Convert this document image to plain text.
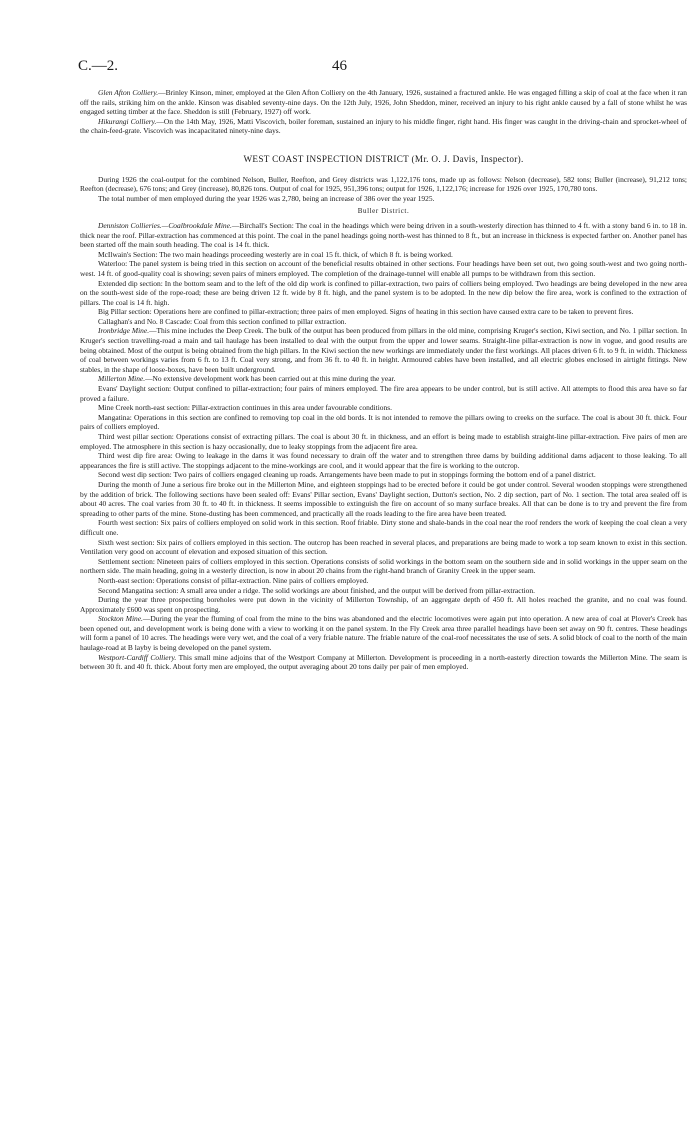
C.—2.	46

Glen Afton Colliery.—Brinley Kinson, miner, employed at the Glen Afton Colliery on the 4th January, 1926, sustained a fractured ankle. He was engaged filling a skip of coal at the face when it ran off the rails, striking him on the ankle. Kinson was disabled seventy-nine days. On the 12th July, 1926, John Sheddon, miner, received an injury to his right ankle caused by a fall of stone whilst he was engaged setting timber at the face. Sheddon is still (February, 1927) off work.

Hikurangi Colliery.—On the 14th May, 1926, Matti Viscovich, boiler foreman, sustained an injury to his middle finger, right hand. His finger was caught in the driving-chain and sprocket-wheel of the chain-feed-grate. Viscovich was incapacitated ninety-nine days.

WEST COAST INSPECTION DISTRICT (Mr. O. J. Davis, Inspector).

During 1926 the coal-output for the combined Nelson, Buller, Reefton, and Grey districts was 1,122,176 tons, made up as follows: Nelson (decrease), 582 tons; Buller (increase), 91,212 tons; Reefton (decrease), 676 tons; and Grey (increase), 80,826 tons. Output of coal for 1925, 951,396 tons; output for 1926, 1,122,176; increase for 1926 over 1925, 170,780 tons.

The total number of men employed during the year 1926 was 2,780, being an increase of 386 over the year 1925.

Buller District.

Denniston Collieries.—Coalbrookdale Mine.—Birchall's Section: The coal in the headings which were being driven in a south-westerly direction has thinned to 4 ft. with a stony band 6 in. to 18 in. thick near the roof. Pillar-extraction has commenced at this point. The coal in the panel headings going north-west has thinned to 8 ft., but an increase in thickness is expected farther on. Another panel has been started off the main south heading. The coal is 14 ft. thick.

McIlwain's Section: The two main headings proceeding westerly are in coal 15 ft. thick, of which 8 ft. is being worked.

Waterloo: The panel system is being tried in this section on account of the beneficial results obtained in other sections. Four headings have been set out, two going south-west and two going north-west. 14 ft. of good-quality coal is showing; seven pairs of miners employed. The completion of the drainage-tunnel will enable all pumps to be withdrawn from this section.

Extended dip section: In the bottom seam and to the left of the old dip work is confined to pillar-extraction, two pairs of colliers being employed. Two headings are being developed in the new area on the south-west side of the rope-road; these are being driven 12 ft. wide by 8 ft. high, and the panel system is to be adopted. In the new dip below the fire area, work is confined to the extraction of pillars. The coal is 14 ft. high.

Big Pillar section: Operations here are confined to pillar-extraction; three pairs of men employed. Signs of heating in this section have caused extra care to be taken to prevent fires.

Callaghan's and No. 8 Cascade: Coal from this section confined to pillar extraction.

Ironbridge Mine.—This mine includes the Deep Creek. The bulk of the output has been produced from pillars in the old mine, comprising Kruger's section, Kiwi section, and No. 1 pillar section. In Kruger's section travelling-road a main and tail haulage has been installed to deal with the output from the upper and lower seams. Straight-line pillar-extraction is now in vogue, and good results are being obtained. Most of the output is being obtained from the high pillars. In the Kiwi section the new workings are immediately under the first workings. All places driven 6 ft. to 9 ft. in width. Thickness of coal between workings varies from 6 ft. to 13 ft. Coal very strong, and from 36 ft. to 40 ft. in height. Armoured cables have been installed, and all electric globes enclosed in airtight fittings. New stables, in the shape of loose-boxes, have been built underground.

Millerton Mine.—No extensive development work has been carried out at this mine during the year.

Evans' Daylight section: Output confined to pillar-extraction; four pairs of miners employed. The fire area appears to be under control, but is still active. All attempts to flood this area have so far proved a failure.

Mine Creek north-east section: Pillar-extraction continues in this area under favourable conditions.

Mangatina: Operations in this section are confined to removing top coal in the old bords. It is not intended to remove the pillars owing to creeks on the surface. The coal is about 30 ft. thick. Four pairs of colliers employed.

Third west pillar section: Operations consist of extracting pillars. The coal is about 30 ft. in thickness, and an effort is being made to establish straight-line pillar-extraction. Five pairs of men are employed. The atmosphere in this section is hazy occasionally, due to leaky stoppings from the adjacent fire area.

Third west dip fire area: Owing to leakage in the dams it was found necessary to drain off the water and to strengthen three dams by building additional dams adjacent to those leaking. To all appearances the fire is still active. The stoppings adjacent to the mine-workings are cool, and it would appear that the fire is working to the outcrop.

Second west dip section: Two pairs of colliers engaged cleaning up roads. Arrangements have been made to put in stoppings forming the bottom end of a panel district.

During the month of June a serious fire broke out in the Millerton Mine, and eighteen stoppings had to be erected before it could be got under control. Several wooden stoppings were strengthened by the addition of brick. The following sections have been sealed off: Evans' Pillar section, Evans' Daylight section, Dutton's section, No. 2 dip section, part of No. 1 section. The total area sealed off is about 40 acres. The coal varies from 30 ft. to 40 ft. in thickness. It seems impossible to extinguish the fire on account of so many surface breaks. All that can be done is to try and prevent the fire from spreading to other parts of the mine. Stone-dusting has been commenced, and practically all the roads leading to the fire area have been treated.

Fourth west section: Six pairs of colliers employed on solid work in this section. Roof friable. Dirty stone and shale-bands in the coal near the roof renders the work of keeping the coal clean a very difficult one.

Sixth west section: Six pairs of colliers employed in this section. The outcrop has been reached in several places, and preparations are being made to work a top seam known to exist in this section. Ventilation very good on account of elevation and exposed situation of this section.

Settlement section: Nineteen pairs of colliers employed in this section. Operations consists of solid workings in the bottom seam on the southern side and in solid workings in the upper seam on the northern side. The main heading, going in a westerly direction, is now in about 20 chains from the right-hand branch of Granity Creek in the upper seam.

North-east section: Operations consist of pillar-extraction. Nine pairs of colliers employed.

Second Mangatina section: A small area under a ridge. The solid workings are about finished, and the output will be derived from pillar-extraction.

During the year three prospecting boreholes were put down in the vicinity of Millerton Township, of an aggregate depth of 450 ft. All holes reached the granite, and no coal was found. Approximately £600 was spent on prospecting.

Stockton Mine.—During the year the fluming of coal from the mine to the bins was abandoned and the electric locomotives were again put into operation. A new area of coal at Plover's Creek has been opened out, and development work is being done with a view to working it on the panel system. In the Fly Creek area three parallel headings have been set away on 90 ft. centres. These headings will form a panel of 10 acres. The headings were very wet, and the coal of a very friable nature. The friable nature of the coal-roof necessitates the use of sets. A solid block of coal to the north of the main haulage-road at B layby is being developed on the panel system.

Westport-Cardiff Colliery. This small mine adjoins that of the Westport Company at Millerton. Development is proceeding in a north-easterly direction towards the Millerton Mine. The seam is between 30 ft. and 40 ft. thick. About forty men are employed, the output averaging about 20 tons daily per pair of men employed.
